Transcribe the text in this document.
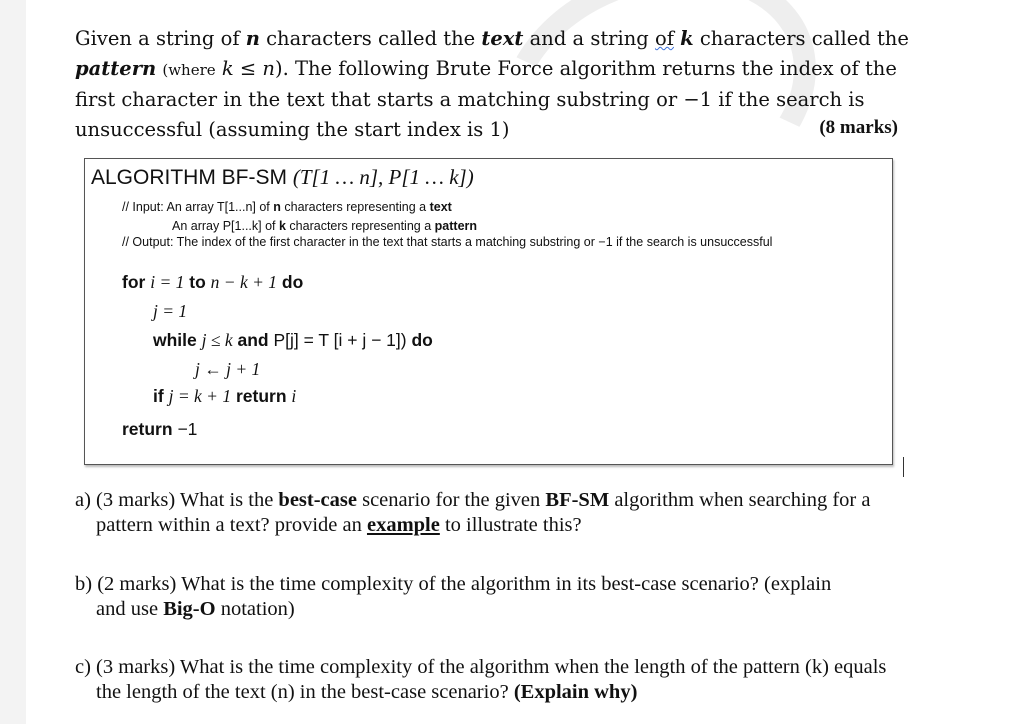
Given a string of n characters called the text and a string of k characters called the
pattern (where k ≤ n). The following Brute Force algorithm returns the index of the
first character in the text that starts a matching substring or −1 if the search is
unsuccessful (assuming the start index is 1)	(8 marks)
ALGORITHM BF-SM (T[1 … n], P[1 … k])
// Input: An array T[1...n] of n characters representing a text
An array P[1...k] of k characters representing a pattern
// Output: The index of the first character in the text that starts a matching substring or −1 if the search is unsuccessful
for i = 1 to n − k + 1 do
j = 1
while j ≤ k and P[j] = T [i + j − 1]) do
j ← j + 1
if j = k + 1 return i
return −1
a) (3 marks) What is the best-case scenario for the given BF-SM algorithm when searching for a
pattern within a text? provide an example to illustrate this?
b) (2 marks) What is the time complexity of the algorithm in its best-case scenario? (explain
and use Big-O notation)
c) (3 marks) What is the time complexity of the algorithm when the length of the pattern (k) equals
the length of the text (n) in the best-case scenario? (Explain why)
